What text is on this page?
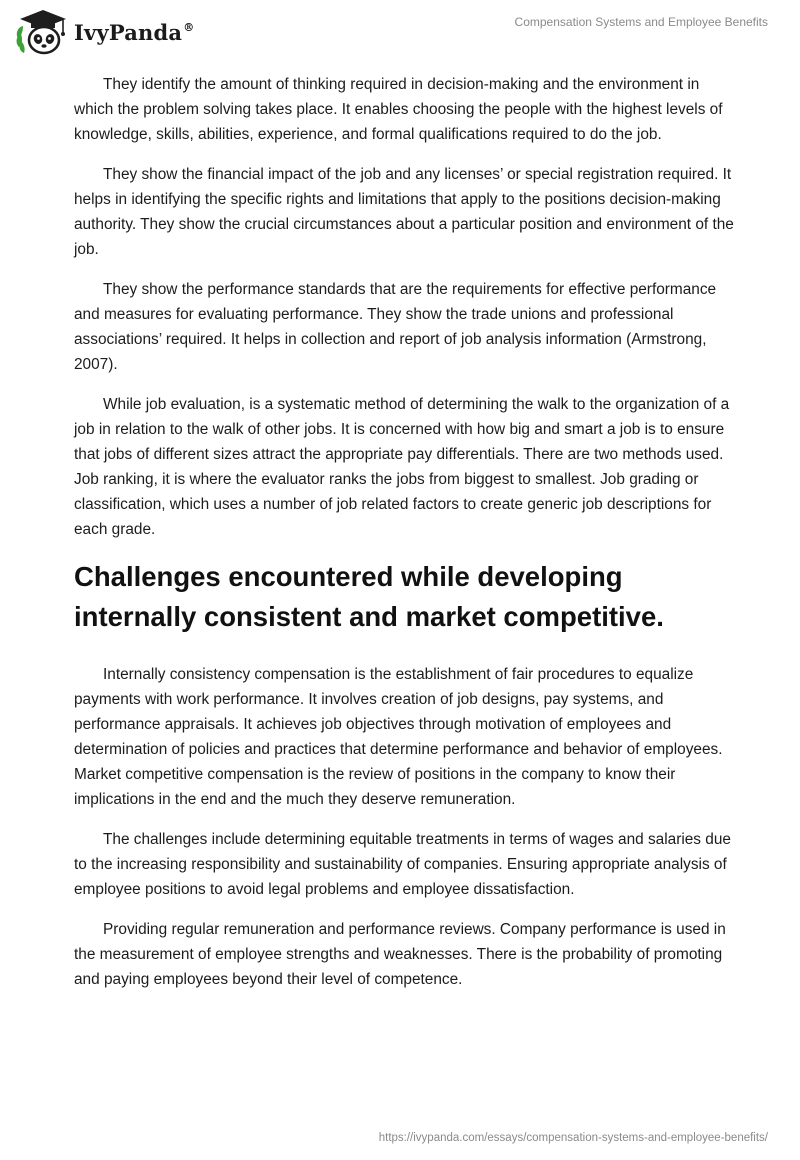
IvyPanda®	Compensation Systems and Employee Benefits

They identify the amount of thinking required in decision-making and the environment in which the problem solving takes place. It enables choosing the people with the highest levels of knowledge, skills, abilities, experience, and formal qualifications required to do the job.

They show the financial impact of the job and any licenses’ or special registration required. It helps in identifying the specific rights and limitations that apply to the positions decision-making authority. They show the crucial circumstances about a particular position and environment of the job.

They show the performance standards that are the requirements for effective performance and measures for evaluating performance. They show the trade unions and professional associations’ required. It helps in collection and report of job analysis information (Armstrong, 2007).

While job evaluation, is a systematic method of determining the walk to the organization of a job in relation to the walk of other jobs. It is concerned with how big and smart a job is to ensure that jobs of different sizes attract the appropriate pay differentials. There are two methods used. Job ranking, it is where the evaluator ranks the jobs from biggest to smallest. Job grading or classification, which uses a number of job related factors to create generic job descriptions for each grade.

Challenges encountered while developing internally consistent and market competitive.

Internally consistency compensation is the establishment of fair procedures to equalize payments with work performance. It involves creation of job designs, pay systems, and performance appraisals. It achieves job objectives through motivation of employees and determination of policies and practices that determine performance and behavior of employees. Market competitive compensation is the review of positions in the company to know their implications in the end and the much they deserve remuneration.

The challenges include determining equitable treatments in terms of wages and salaries due to the increasing responsibility and sustainability of companies. Ensuring appropriate analysis of employee positions to avoid legal problems and employee dissatisfaction.

Providing regular remuneration and performance reviews. Company performance is used in the measurement of employee strengths and weaknesses. There is the probability of promoting and paying employees beyond their level of competence.

https://ivypanda.com/essays/compensation-systems-and-employee-benefits/
